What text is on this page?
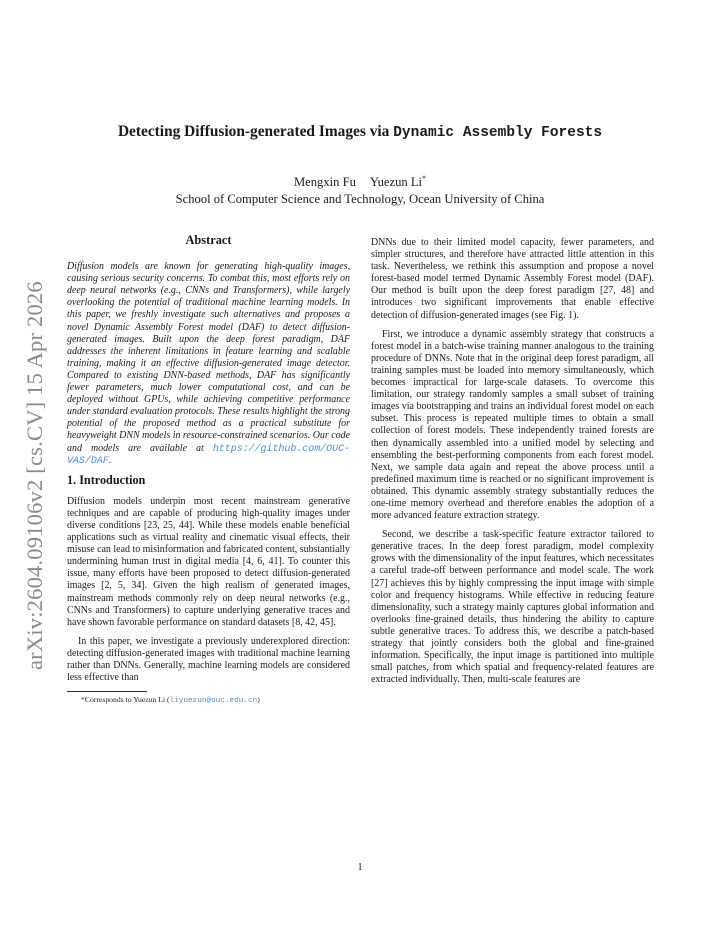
arXiv:2604.09106v2 [cs.CV] 15 Apr 2026
Detecting Diffusion-generated Images via Dynamic Assembly Forests
Mengxin Fu Yuezun Li*
School of Computer Science and Technology, Ocean University of China
Abstract

Diffusion models are known for generating high-quality images, causing serious security concerns. To combat this, most efforts rely on deep neural networks (e.g., CNNs and Transformers), while largely overlooking the potential of traditional machine learning models. In this paper, we freshly investigate such alternatives and proposes a novel Dynamic Assembly Forest model (DAF) to detect diffusion-generated images. Built upon the deep forest paradigm, DAF addresses the inherent limitations in feature learning and scalable training, making it an effective diffusion-generated image detector. Compared to existing DNN-based methods, DAF has significantly fewer parameters, much lower computational cost, and can be deployed without GPUs, while achieving competitive performance under standard evaluation protocols. These results highlight the strong potential of the proposed method as a practical substitute for heavyweight DNN models in resource-constrained scenarios. Our code and models are available at https://github.com/OUC-VAS/DAF.

1. Introduction

Diffusion models underpin most recent mainstream generative techniques and are capable of producing high-quality images under diverse conditions [23, 25, 44]. While these models enable beneficial applications such as virtual reality and cinematic visual effects, their misuse can lead to misinformation and fabricated content, substantially undermining human trust in digital media [4, 6, 41]. To counter this issue, many efforts have been proposed to detect diffusion-generated images [2, 5, 34]. Given the high realism of generated images, mainstream methods commonly rely on deep neural networks (e.g., CNNs and Transformers) to capture underlying generative traces and have shown favorable performance on standard datasets [8, 42, 45].

In this paper, we investigate a previously underexplored direction: detecting diffusion-generated images with traditional machine learning rather than DNNs. Generally, machine learning models are considered less effective than

*Corresponds to Yuezun Li (liyuezun@ouc.edu.cn)

DNNs due to their limited model capacity, fewer parameters, and simpler structures, and therefore have attracted little attention in this task. Nevertheless, we rethink this assumption and propose a novel forest-based model termed Dynamic Assembly Forest model (DAF). Our method is built upon the deep forest paradigm [27, 48] and introduces two significant improvements that enable effective detection of diffusion-generated images (see Fig. 1).

First, we introduce a dynamic assembly strategy that constructs a forest model in a batch-wise training manner analogous to the training procedure of DNNs. Note that in the original deep forest paradigm, all training samples must be loaded into memory simultaneously, which becomes impractical for large-scale datasets. To overcome this limitation, our strategy randomly samples a small subset of training images via bootstrapping and trains an individual forest model on each subset. This process is repeated multiple times to obtain a small collection of forest models. These independently trained forests are then dynamically assembled into a unified model by selecting and ensembling the best-performing components from each forest model. Next, we sample data again and repeat the above process until a predefined maximum time is reached or no significant improvement is obtained. This dynamic assembly strategy substantially reduces the one-time memory overhead and therefore enables the adoption of a more advanced feature extraction strategy.

Second, we describe a task-specific feature extractor tailored to generative traces. In the deep forest paradigm, model complexity grows with the dimensionality of the input features, which necessitates a careful trade-off between performance and model scale. The work [27] achieves this by highly compressing the input image with simple color and frequency histograms. While effective in reducing feature dimensionality, such a strategy mainly captures global information and overlooks fine-grained details, thus hindering the ability to capture subtle generative traces. To address this, we describe a patch-based strategy that jointly considers both the global and fine-grained information. Specifically, the input image is partitioned into multiple small patches, from which spatial and frequency-related features are extracted individually. Then, multi-scale features are

1
